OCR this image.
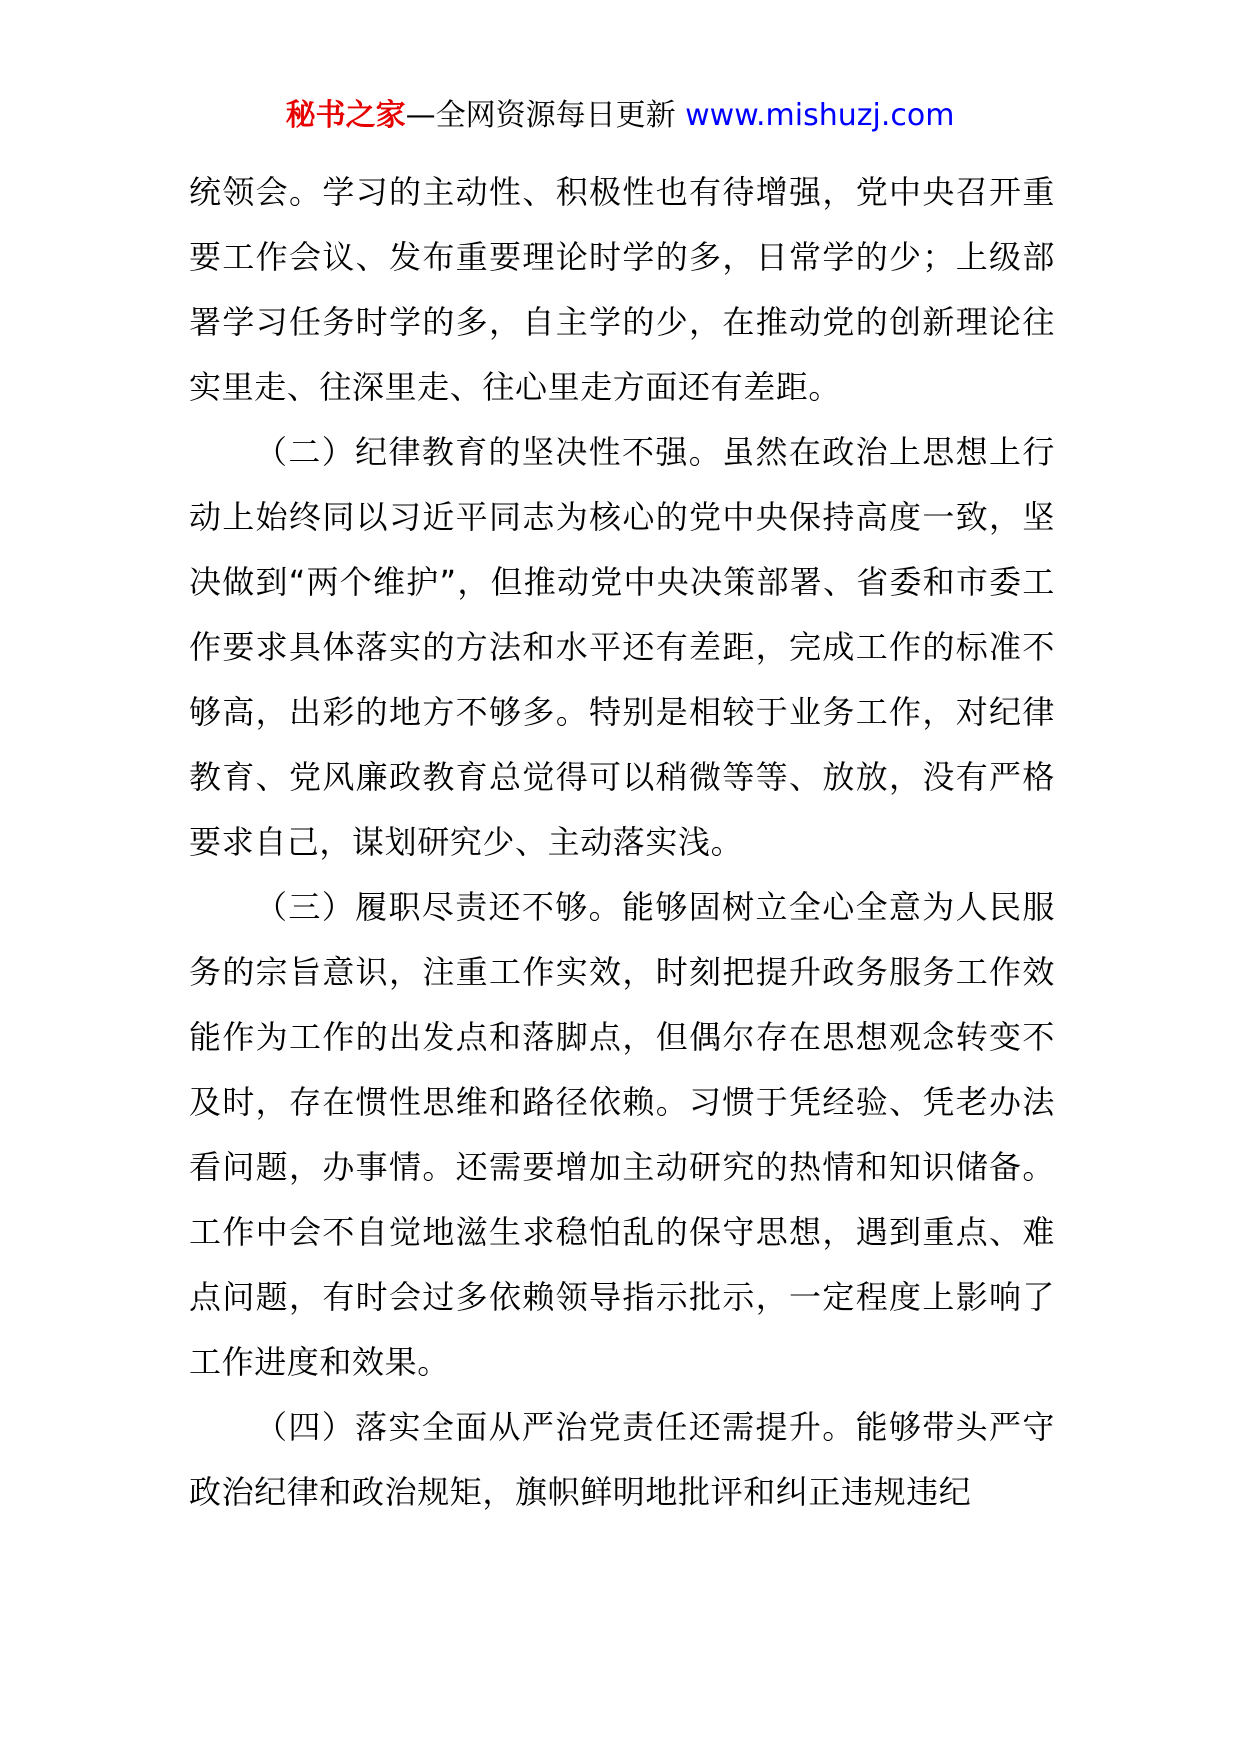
秘书之家—全网资源每日更新 www.mishuzj.com

统领会。学习的主动性、积极性也有待增强，党中央召开重要工作会议、发布重要理论时学的多，日常学的少；上级部署学习任务时学的多，自主学的少，在推动党的创新理论往实里走、往深里走、往心里走方面还有差距。

（二）纪律教育的坚决性不强。虽然在政治上思想上行动上始终同以习近平同志为核心的党中央保持高度一致，坚决做到“两个维护”，但推动党中央决策部署、省委和市委工作要求具体落实的方法和水平还有差距，完成工作的标准不够高，出彩的地方不够多。特别是相较于业务工作，对纪律教育、党风廉政教育总觉得可以稍微等等、放放，没有严格要求自己，谋划研究少、主动落实浅。

（三）履职尽责还不够。能够固树立全心全意为人民服务的宗旨意识，注重工作实效，时刻把提升政务服务工作效能作为工作的出发点和落脚点，但偶尔存在思想观念转变不及时，存在惯性思维和路径依赖。习惯于凭经验、凭老办法看问题，办事情。还需要增加主动研究的热情和知识储备。工作中会不自觉地滋生求稳怕乱的保守思想，遇到重点、难点问题，有时会过多依赖领导指示批示，一定程度上影响了工作进度和效果。

（四）落实全面从严治党责任还需提升。能够带头严守政治纪律和政治规矩，旗帜鲜明地批评和纠正违规违纪
